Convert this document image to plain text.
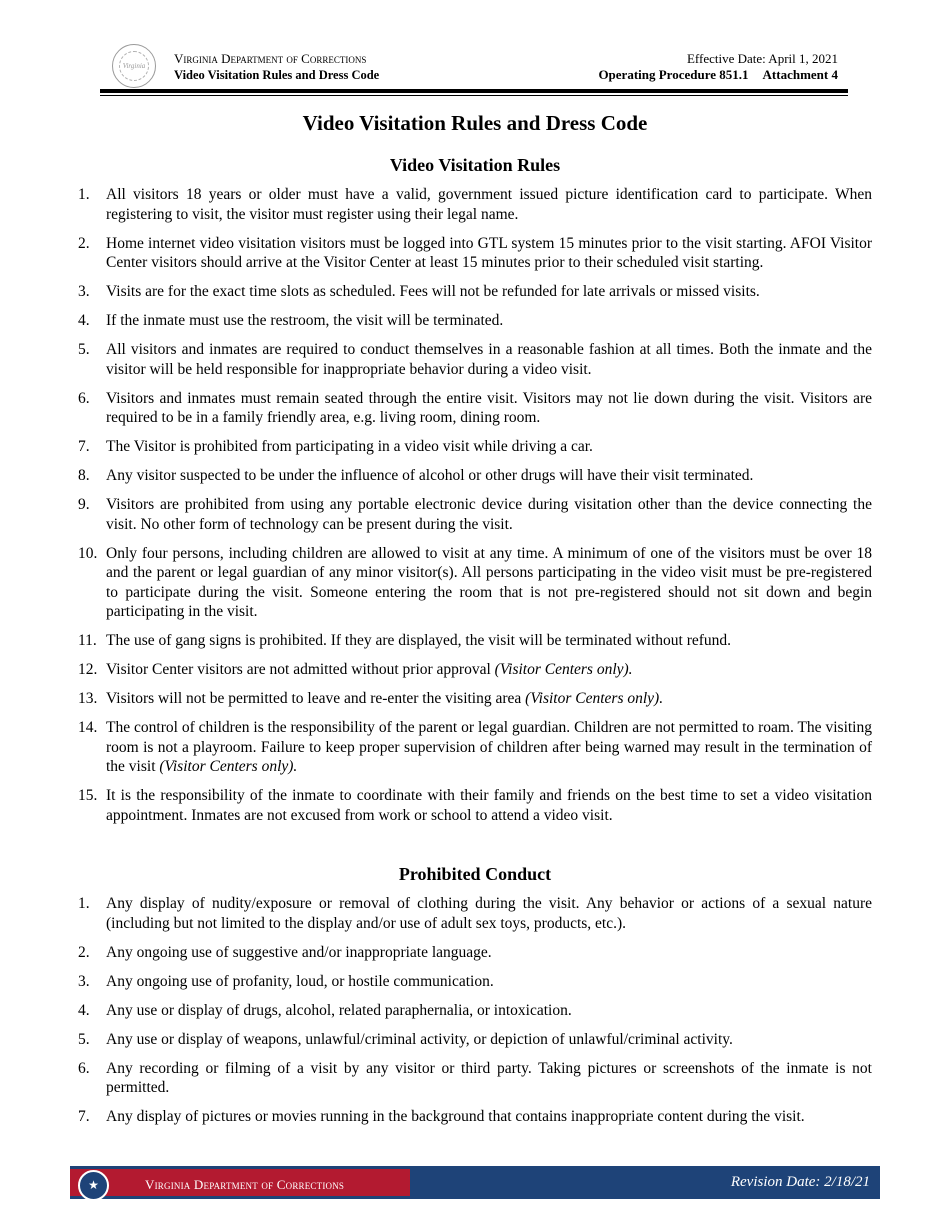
Virginia Virginia Department of Corrections
Video Visitation Rules and Dress Code
Effective Date: April 1, 2021
Operating Procedure 851.1 Attachment 4
Video Visitation Rules and Dress Code
Video Visitation Rules
1. All visitors 18 years or older must have a valid, government issued picture identification card to participate. When registering to visit, the visitor must register using their legal name.
2. Home internet video visitation visitors must be logged into GTL system 15 minutes prior to the visit starting. AFOI Visitor Center visitors should arrive at the Visitor Center at least 15 minutes prior to their scheduled visit starting.
3. Visits are for the exact time slots as scheduled. Fees will not be refunded for late arrivals or missed visits.
4. If the inmate must use the restroom, the visit will be terminated.
5. All visitors and inmates are required to conduct themselves in a reasonable fashion at all times. Both the inmate and the visitor will be held responsible for inappropriate behavior during a video visit.
6. Visitors and inmates must remain seated through the entire visit. Visitors may not lie down during the visit. Visitors are required to be in a family friendly area, e.g. living room, dining room.
7. The Visitor is prohibited from participating in a video visit while driving a car.
8. Any visitor suspected to be under the influence of alcohol or other drugs will have their visit terminated.
9. Visitors are prohibited from using any portable electronic device during visitation other than the device connecting the visit. No other form of technology can be present during the visit.
10. Only four persons, including children are allowed to visit at any time. A minimum of one of the visitors must be over 18 and the parent or legal guardian of any minor visitor(s). All persons participating in the video visit must be pre-registered to participate during the visit. Someone entering the room that is not pre-registered should not sit down and begin participating in the visit.
11. The use of gang signs is prohibited. If they are displayed, the visit will be terminated without refund.
12. Visitor Center visitors are not admitted without prior approval (Visitor Centers only).
13. Visitors will not be permitted to leave and re-enter the visiting area (Visitor Centers only).
14. The control of children is the responsibility of the parent or legal guardian. Children are not permitted to roam. The visiting room is not a playroom. Failure to keep proper supervision of children after being warned may result in the termination of the visit (Visitor Centers only).
15. It is the responsibility of the inmate to coordinate with their family and friends on the best time to set a video visitation appointment. Inmates are not excused from work or school to attend a video visit.
Prohibited Conduct
1. Any display of nudity/exposure or removal of clothing during the visit. Any behavior or actions of a sexual nature (including but not limited to the display and/or use of adult sex toys, products, etc.).
2. Any ongoing use of suggestive and/or inappropriate language.
3. Any ongoing use of profanity, loud, or hostile communication.
4. Any use or display of drugs, alcohol, related paraphernalia, or intoxication.
5. Any use or display of weapons, unlawful/criminal activity, or depiction of unlawful/criminal activity.
6. Any recording or filming of a visit by any visitor or third party. Taking pictures or screenshots of the inmate is not permitted.
7. Any display of pictures or movies running in the background that contains inappropriate content during the visit.
★	Virginia Department of Corrections	Revision Date: 2/18/21
